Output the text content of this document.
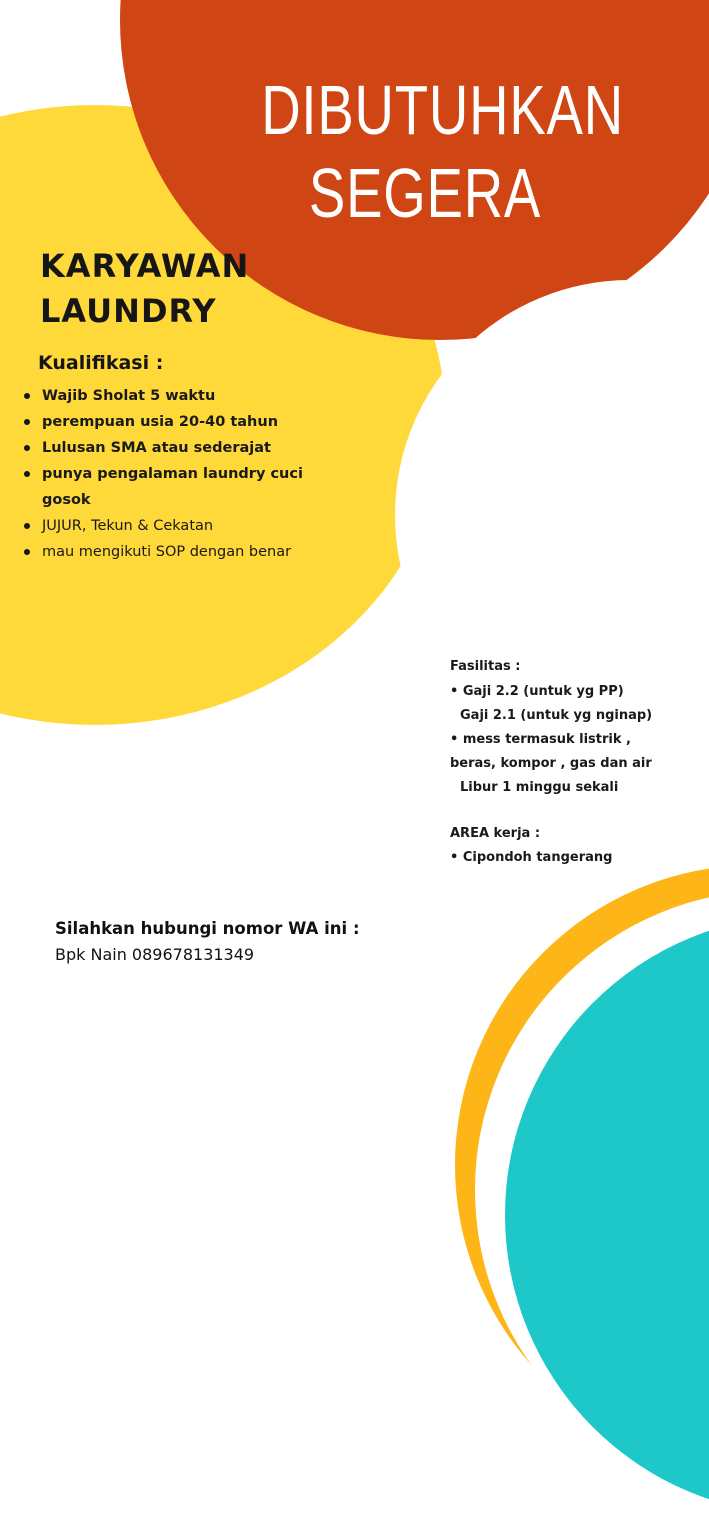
DIBUTUHKAN
SEGERA
KARYAWAN
LAUNDRY
Kualifikasi :
Wajib Sholat 5 waktu
perempuan usia 20-40 tahun
Lulusan SMA atau sederajat
punya pengalaman laundry cuci gosok
JUJUR, Tekun & Cekatan
mau mengikuti SOP dengan benar
Fasilitas :
• Gaji 2.2 (untuk yg PP)
Gaji 2.1 (untuk yg nginap)
• mess termasuk listrik ,
beras, kompor , gas dan air
Libur 1 minggu sekali
AREA kerja :
• Cipondoh tangerang
Silahkan hubungi nomor WA ini :
Bpk Nain 089678131349
